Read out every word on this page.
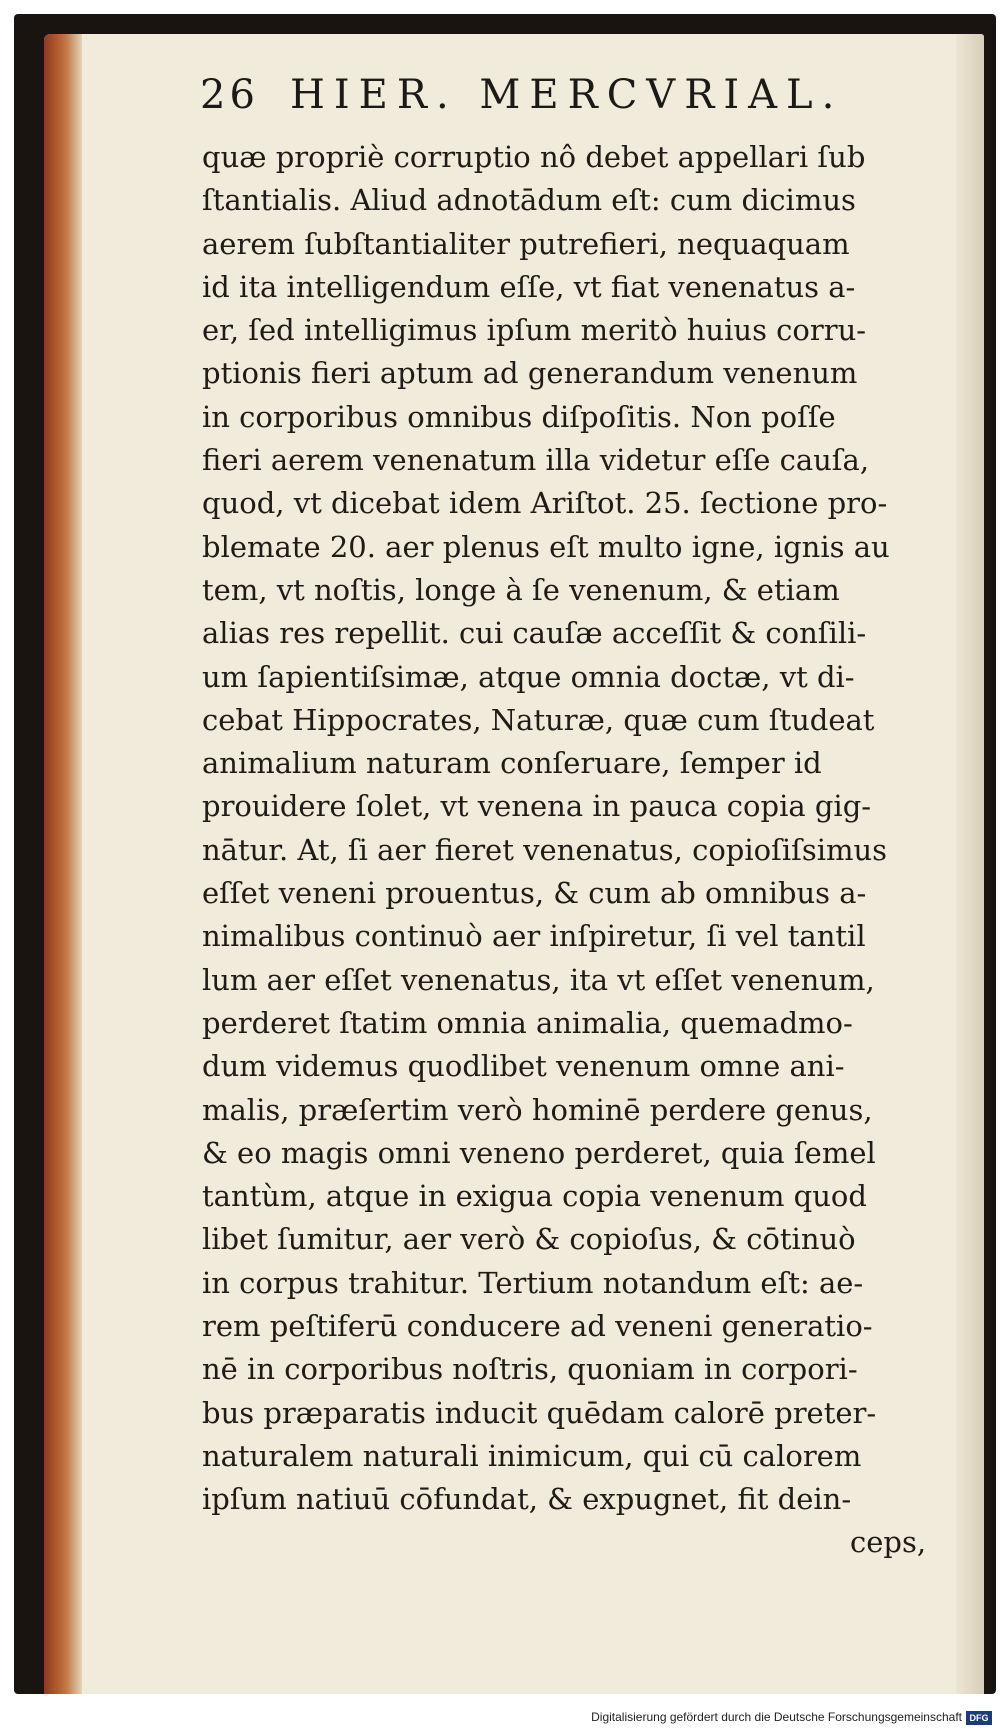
26 HIER. MERCVRIAL.
quæ propriè corruptio nô debet appellari ſub
ſtantialis. Aliud adnotādum eſt: cum dicimus
aerem ſubſtantialiter putrefieri, nequaquam
id ita intelligendum eſſe, vt fiat venenatus a-
er, ſed intelligimus ipſum meritò huius corru-
ptionis fieri aptum ad generandum venenum
in corporibus omnibus diſpoſitis. Non poſſe
fieri aerem venenatum illa videtur eſſe cauſa,
quod, vt dicebat idem Ariſtot. 25. ſectione pro-
blemate 20. aer plenus eſt multo igne, ignis au
tem, vt noſtis, longe à ſe venenum, & etiam
alias res repellit. cui cauſæ acceſſit & conſili-
um ſapientiſsimæ, atque omnia doctæ, vt di-
cebat Hippocrates, Naturæ, quæ cum ſtudeat
animalium naturam conſeruare, ſemper id
prouidere ſolet, vt venena in pauca copia gig-
nātur. At, ſi aer fieret venenatus, copioſiſsimus
eſſet veneni prouentus, & cum ab omnibus a-
nimalibus continuò aer inſpiretur, ſi vel tantil
lum aer eſſet venenatus, ita vt eſſet venenum,
perderet ſtatim omnia animalia, quemadmo-
dum videmus quodlibet venenum omne ani-
malis, præſertim verò hominē perdere genus,
& eo magis omni veneno perderet, quia ſemel
tantùm, atque in exigua copia venenum quod
libet ſumitur, aer verò & copioſus, & cōtinuò
in corpus trahitur. Tertium notandum eſt: ae-
rem peſtiferū conducere ad veneni generatio-
nē in corporibus noſtris, quoniam in corpori-
bus præparatis inducit quēdam calorē preter-
naturalem naturali inimicum, qui cū calorem
ipſum natiuū cōfundat, & expugnet, fit dein-
ceps,
Digitalisierung gefördert durch die Deutsche Forschungsgemeinschaft DFG
